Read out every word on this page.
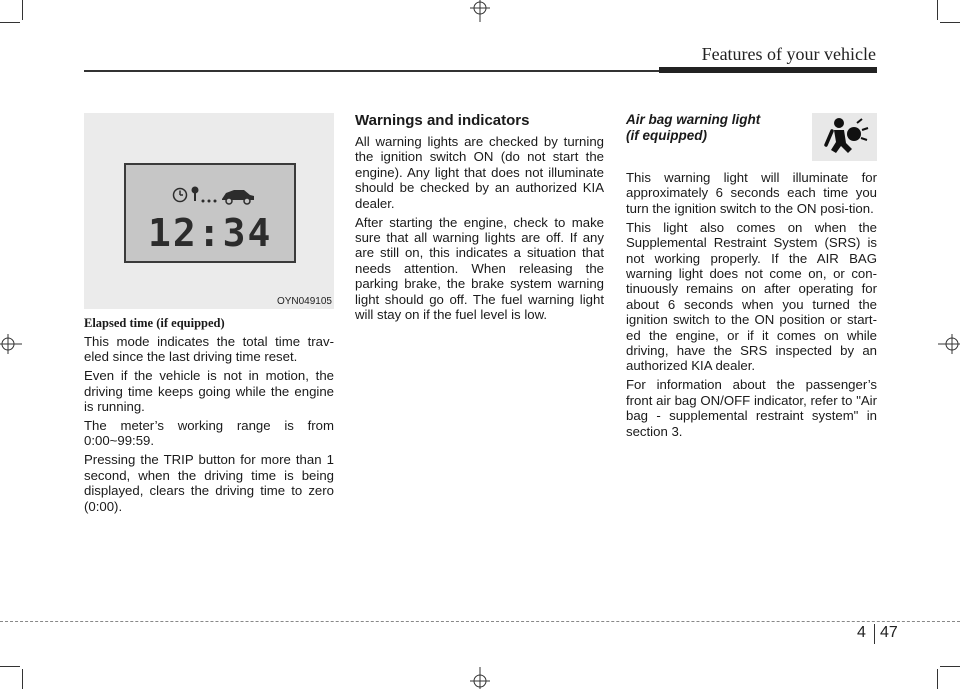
Features of your vehicle
12:34
OYN049105
Elapsed time (if equipped)

This mode indicates the total time trav-eled since the last driving time reset.

Even if the vehicle is not in motion, the driving time keeps going while the engine is running.

The meter’s working range is from 0:00~99:59.

Pressing the TRIP button for more than 1 second, when the driving time is being displayed, clears the driving time to zero (0:00).

Warnings and indicators

All warning lights are checked by turning the ignition switch ON (do not start the engine). Any light that does not illuminate should be checked by an authorized KIA dealer.

After starting the engine, check to make sure that all warning lights are off. If any are still on, this indicates a situation that needs attention. When releasing the parking brake, the brake system warning light should go off. The fuel warning light will stay on if the fuel level is low.

Air bag warning light
(if equipped)

This warning light will illuminate for approximately 6 seconds each time you turn the ignition switch to the ON posi-tion.

This light also comes on when the Supplemental Restraint System (SRS) is not working properly. If the AIR BAG warning light does not come on, or con-tinuously remains on after operating for about 6 seconds when you turned the ignition switch to the ON position or start-ed the engine, or if it comes on while driving, have the SRS inspected by an authorized KIA dealer.

For information about the passenger’s front air bag ON/OFF indicator, refer to "Air bag - supplemental restraint system" in section 3.

4 47
